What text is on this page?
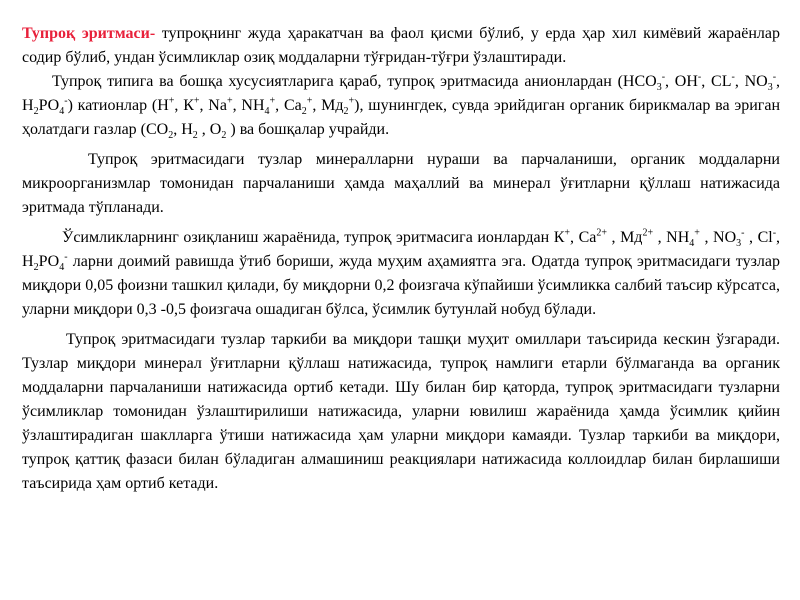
Тупроқ эритмаси- тупроқнинг жуда ҳаракатчан ва фаол қисми бўлиб, у ерда ҳар хил кимёвий жараёнлар содир бўлиб, ундан ўсимликлар озиқ моддаларни тўғридан-тўғри ўзлаштиради.

Тупроқ типига ва бошқа хусусиятларига қараб, тупроқ эритмасида анионлардан ($НСО_3^-$, ОН-, СL-, $NO_3^-$, $Н_2РО_4^-$) катионлар (Н+, К+, Na+, $NH_4^+$, $Ca_2^+$, $Мд_2^+$), шунингдек, сувда эрийдиган органик бирикмалар ва эриган ҳолатдаги газлар ($СО_2$, $Н_2$ , $О_2$ ) ва бошқалар учрайди.

Тупроқ эритмасидаги тузлар минералларни нураши ва парчаланиши, органик моддаларни микроорганизмлар томонидан парчаланиши ҳамда маҳаллий ва минерал ўғитларни қўллаш натижасида эритмада тўпланади.

Ўсимликларнинг озиқланиш жараёнида, тупроқ эритмасига ионлардан К+, $Са^{2+}$ , $Мд^{2+}$ , $NH_4^+$ , $NO_3^-$ , Cl-, $Н_2РО_4^-$ ларни доимий равишда ўтиб бориши, жуда муҳим аҳамиятга эга. Одатда тупроқ эритмасидаги тузлар миқдори 0,05 фоизни ташкил қилади, бу миқдорни 0,2 фоизгача кўпайиши ўсимликка салбий таъсир кўрсатса, уларни миқдори 0,3 -0,5 фоизгача ошадиган бўлса, ўсимлик бутунлай нобуд бўлади.

Тупроқ эритмасидаги тузлар таркиби ва миқдори ташқи муҳит омиллари таъсирида кескин ўзгаради. Тузлар миқдори минерал ўғитларни қўллаш натижасида, тупроқ намлиги етарли бўлмаганда ва органик моддаларни парчаланиши натижасида ортиб кетади. Шу билан бир қаторда, тупроқ эритмасидаги тузларни ўсимликлар томонидан ўзлаштирилиши натижасида, уларни ювилиш жараёнида ҳамда ўсимлик қийин ўзлаштирадиган шаклларга ўтиши натижасида ҳам уларни миқдори камаяди. Тузлар таркиби ва миқдори, тупроқ қаттиқ фазаси билан бўладиган алмашиниш реакциялари натижасида коллоидлар билан бирлашиши таъсирида ҳам ортиб кетади.
